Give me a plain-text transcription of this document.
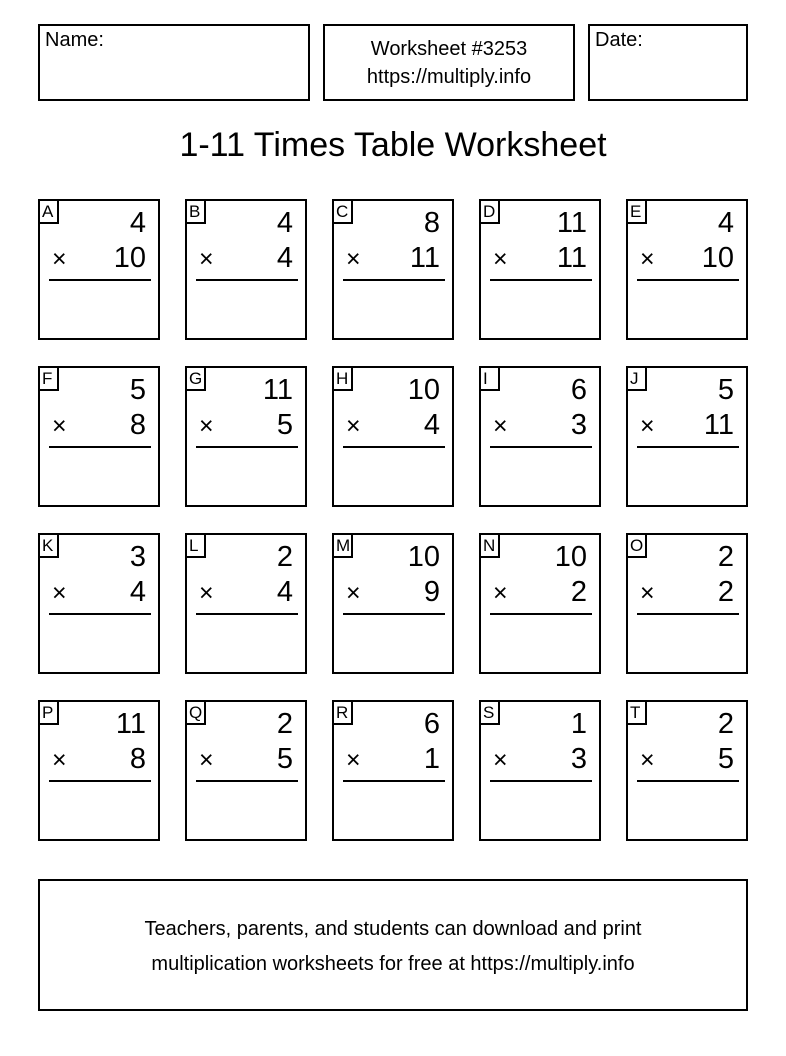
Name:	Worksheet #3253
https://multiply.info
Date:
1-11 Times Table Worksheet
A	4
× 10
B	4
× 4
C	8
× 11
D 11
× 11
E	4
× 10
F	5
× 8
G 11
× 5
H 10
× 4
I	6
× 3
J	5
× 11
K	3
× 4
L	2
× 4
M 10
× 9
N 10
× 2
O	2
× 2
P 11
× 8
Q	2
× 5
R	6
× 1
S	1
× 3
T	2
× 5
Teachers, parents, and students can download and print
multiplication worksheets for free at https://multiply.info
